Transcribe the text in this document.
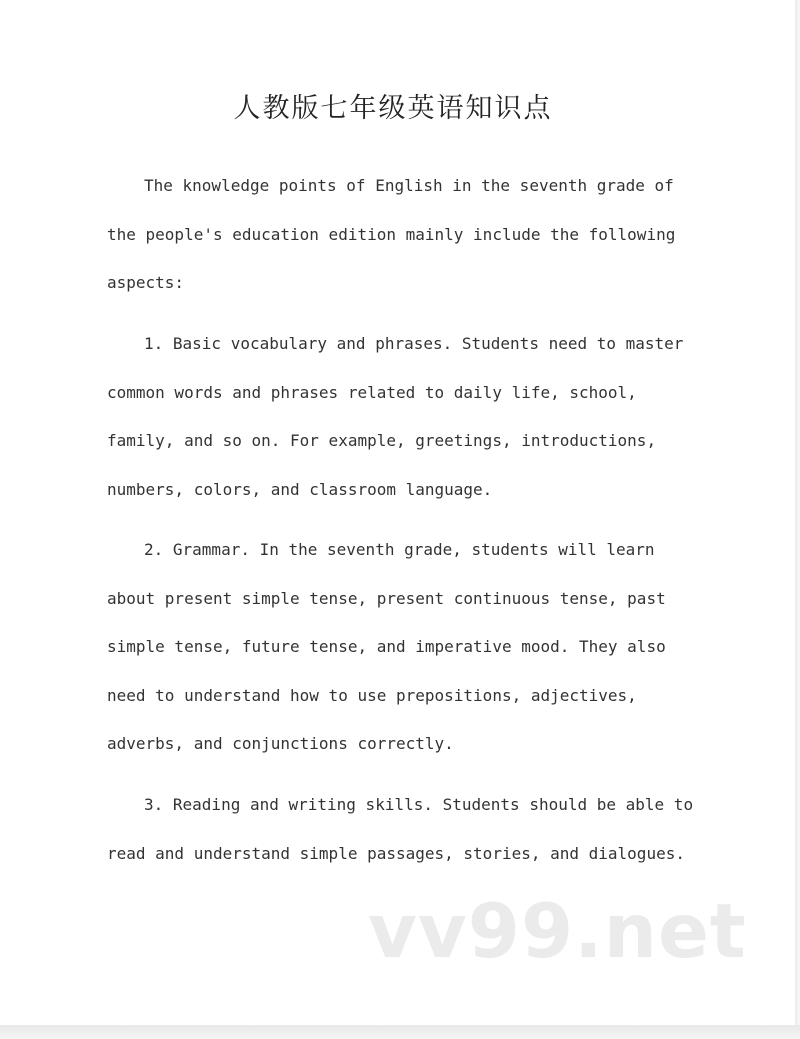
人教版七年级英语知识点

The knowledge points of English in the seventh grade of
the people's education edition mainly include the following
aspects:

1. Basic vocabulary and phrases. Students need to master
common words and phrases related to daily life, school,
family, and so on. For example, greetings, introductions,
numbers, colors, and classroom language.

2. Grammar. In the seventh grade, students will learn
about present simple tense, present continuous tense, past
simple tense, future tense, and imperative mood. They also
need to understand how to use prepositions, adjectives,
adverbs, and conjunctions correctly.

3. Reading and writing skills. Students should be able to
read and understand simple passages, stories, and dialogues.

vv99.net
